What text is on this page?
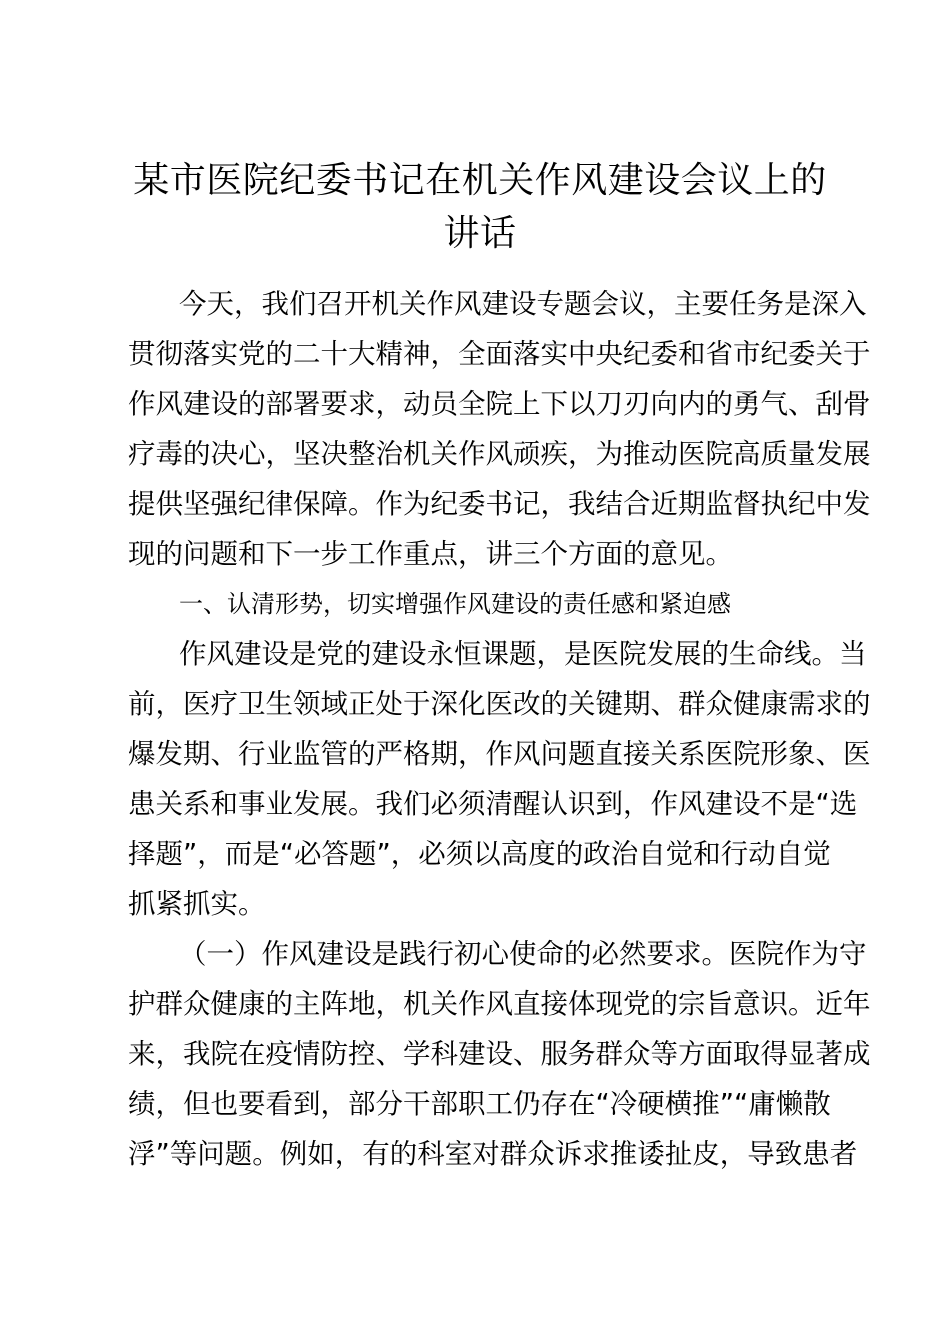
某市医院纪委书记在机关作风建设会议上的讲话

今天，我们召开机关作风建设专题会议，主要任务是深入

贯彻落实党的二十大精神，全面落实中央纪委和省市纪委关于

作风建设的部署要求，动员全院上下以刀刃向内的勇气、刮骨

疗毒的决心，坚决整治机关作风顽疾，为推动医院高质量发展

提供坚强纪律保障。作为纪委书记，我结合近期监督执纪中发

现的问题和下一步工作重点，讲三个方面的意见。

一、认清形势，切实增强作风建设的责任感和紧迫感

作风建设是党的建设永恒课题，是医院发展的生命线。当

前，医疗卫生领域正处于深化医改的关键期、群众健康需求的

爆发期、行业监管的严格期，作风问题直接关系医院形象、医

患关系和事业发展。我们必须清醒认识到，作风建设不是“选

择题”，而是“必答题”，必须以高度的政治自觉和行动自觉

抓紧抓实。

（一）作风建设是践行初心使命的必然要求。医院作为守

护群众健康的主阵地，机关作风直接体现党的宗旨意识。近年

来，我院在疫情防控、学科建设、服务群众等方面取得显著成

绩，但也要看到，部分干部职工仍存在“冷硬横推”“庸懒散

浮”等问题。例如，有的科室对群众诉求推诿扯皮，导致患者
